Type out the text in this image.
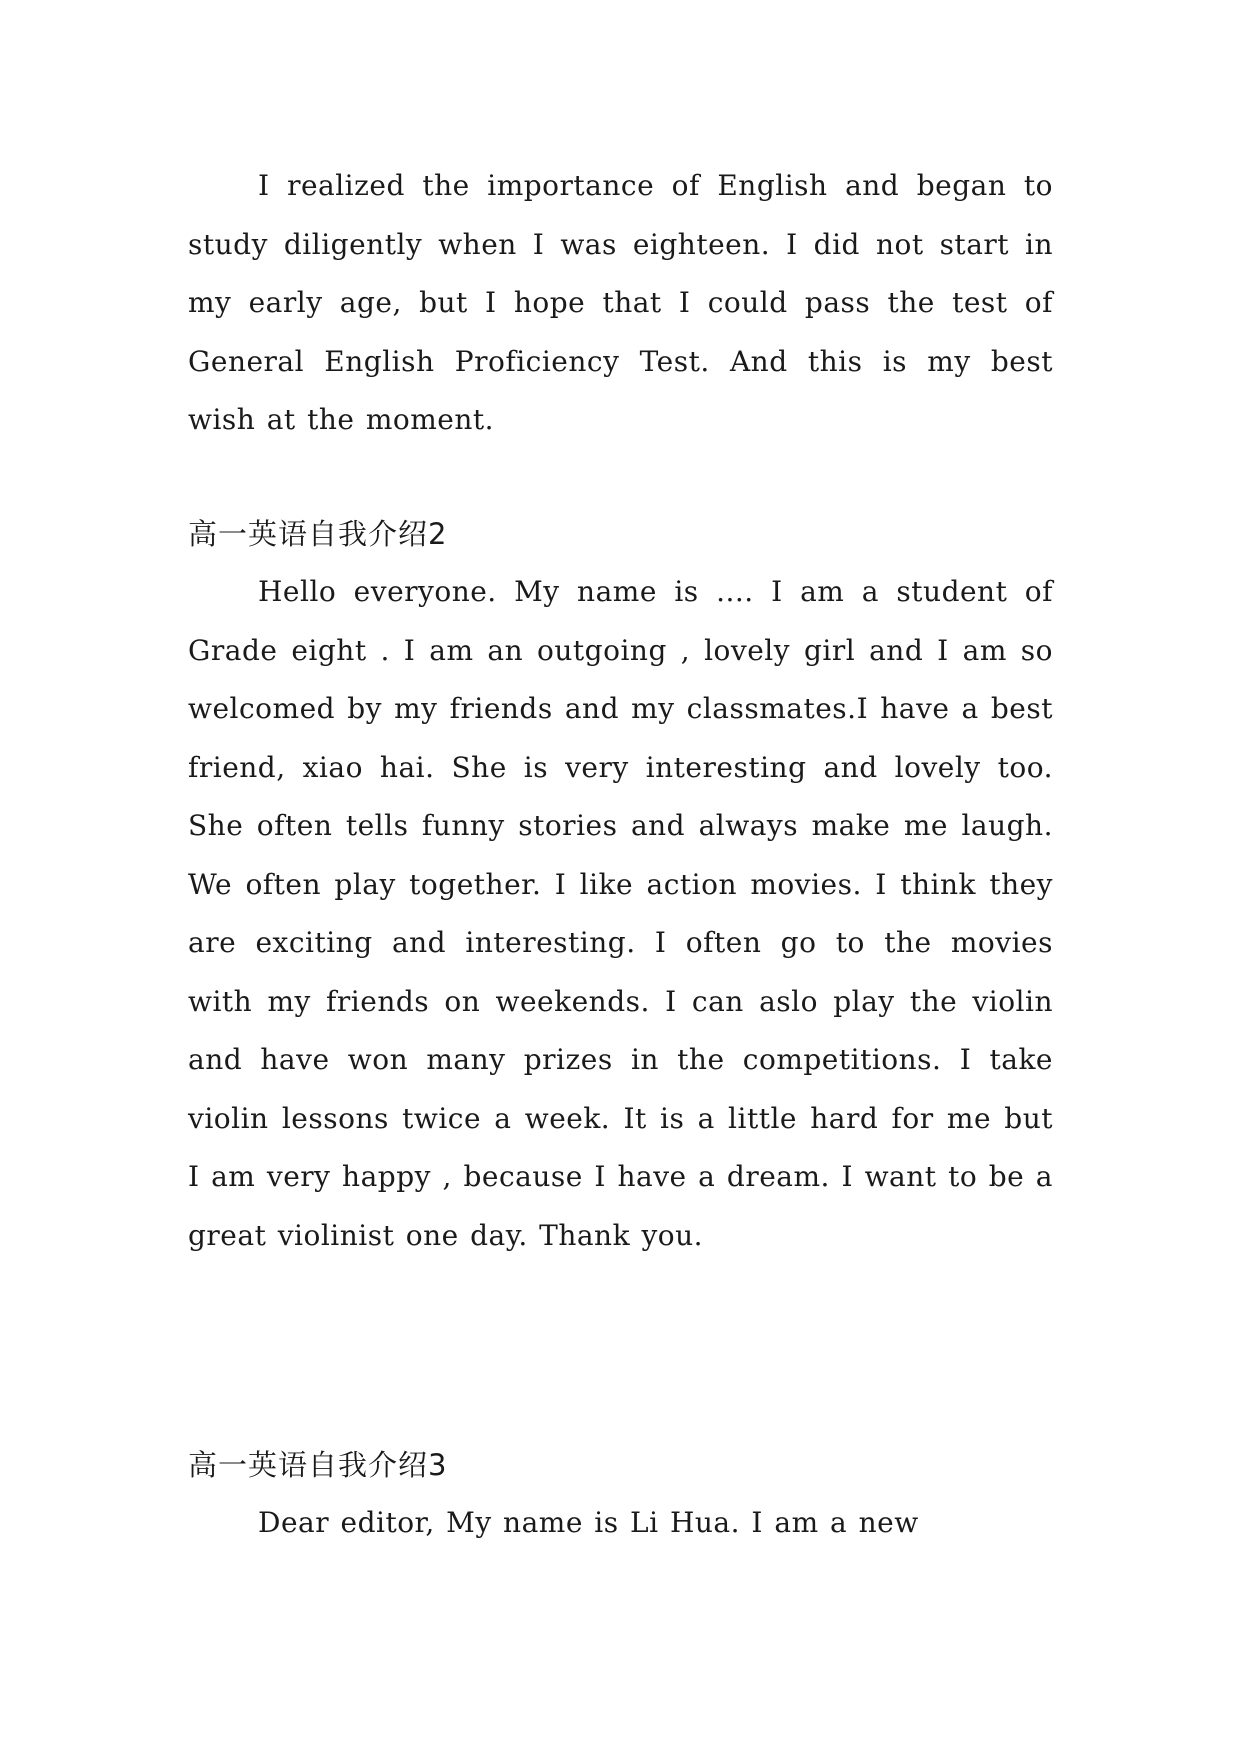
I realized the importance of English and began to study diligently when I was eighteen. I did not start in my early age, but I hope that I could pass the test of General English Proficiency Test. And this is my best wish at the moment.

高一英语自我介绍2

Hello everyone. My name is .... I am a student of Grade eight . I am an outgoing , lovely girl and I am so welcomed by my friends and my classmates.I have a best friend, xiao hai. She is very interesting and lovely too. She often tells funny stories and always make me laugh. We often play together. I like action movies. I think they are exciting and interesting. I often go to the movies with my friends on weekends. I can aslo play the violin and have won many prizes in the competitions. I take violin lessons twice a week. It is a little hard for me but I am very happy , because I have a dream. I want to be a great violinist one day. Thank you.

高一英语自我介绍3

Dear editor, My name is Li Hua. I am a new
